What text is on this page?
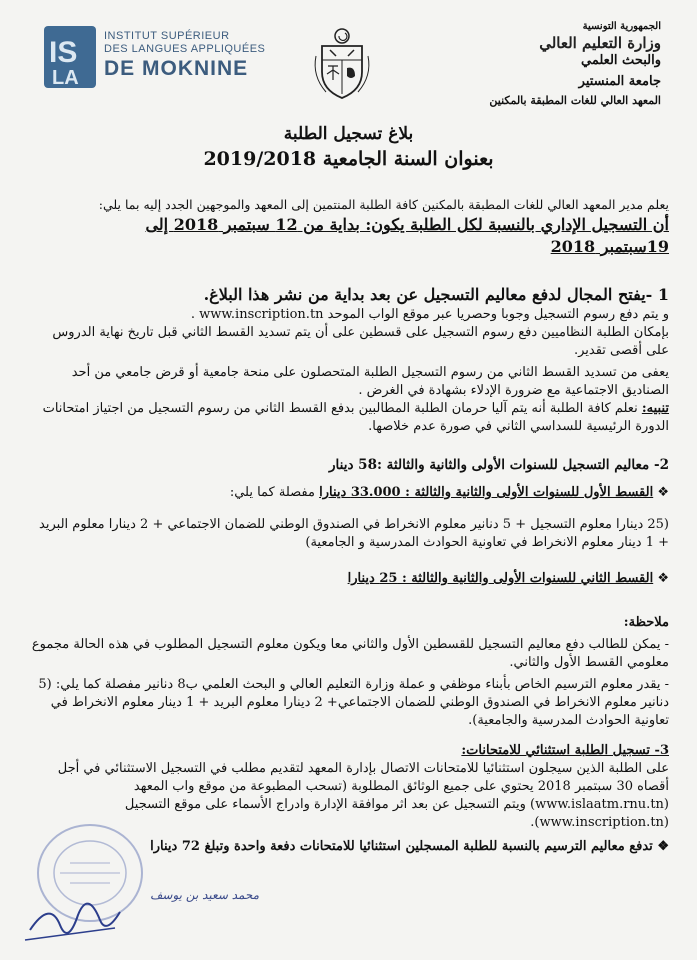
IS
LA
INSTITUT SUPÉRIEUR
DES LANGUES APPLIQUÉES
DE MOKNINE
الجمهورية التونسية
وزارة التعليم العالي
والبحث العلمي
جامعة المنستير
المعهد العالي للغات المطبقة بالمكنين
بلاغ تسجيل الطلبة
بعنوان السنة الجامعية 2019/2018
يعلم مدير المعهد العالي للغات المطبقة بالمكنين كافة الطلبة المنتمين إلى المعهد والموجهين الجدد إليه بما يلي:
أن التسجيل الإداري بالنسبة لكل الطلبة يكون: بداية من 12 سبتمبر 2018 إلى
19سبتمبر 2018
1 -يفتح المجال لدفع معاليم التسجيل عن بعد بداية من نشر هذا البلاغ.
و يتم دفع رسوم التسجيل وجوبا وحصريا عبر موقع الواب الموحد www.inscription.tn .
بإمكان الطلبة النظاميين دفع رسوم التسجيل على قسطين على أن يتم تسديد القسط الثاني قبل تاريخ نهاية الدروس على أقصى تقدير.
يعفى من تسديد القسط الثاني من رسوم التسجيل الطلبة المتحصلون على منحة جامعية أو قرض جامعي من أحد الصناديق الاجتماعية مع ضرورة الإدلاء بشهادة في الغرض .
تنبيه: نعلم كافة الطلبة أنه يتم آليا حرمان الطلبة المطالبين بدفع القسط الثاني من رسوم التسجيل من اجتياز امتحانات الدورة الرئيسية للسداسي الثاني في صورة عدم خلاصها.
2- معاليم التسجيل للسنوات الأولى والثانية والثالثة :58 دينار
❖ القسط الأول للسنوات الأولى والثانية والثالثة : 33.000 دينارا مفصلة كما يلي:
(25 دينارا معلوم التسجيل + 5 دنانير معلوم الانخراط في الصندوق الوطني للضمان الاجتماعي + 2 دينارا معلوم البريد + 1 دينار معلوم الانخراط في تعاونية الحوادث المدرسية و الجامعية)
❖ القسط الثاني للسنوات الأولى والثانية والثالثة : 25 دينارا
ملاحظة:
- يمكن للطالب دفع معاليم التسجيل للقسطين الأول والثاني معا ويكون معلوم التسجيل المطلوب في هذه الحالة مجموع معلومي القسط الأول والثاني.
- يقدر معلوم الترسيم الخاص بأبناء موظفي و عملة وزارة التعليم العالي و البحث العلمي ب8 دنانير مفصلة كما يلي: (5 دنانير معلوم الانخراط في الصندوق الوطني للضمان الاجتماعي+ 2 دينارا معلوم البريد + 1 دينار معلوم الانخراط في تعاونية الحوادث المدرسية والجامعية).
3- تسجيل الطلبة استثنائي للامتحانات:
على الطلبة الذين سيجلون استثنائيا للامتحانات الاتصال بإدارة المعهد لتقديم مطلب في التسجيل الاستثنائي في أجل أقصاه 30 سبتمبر 2018 يحتوي على جميع الوثائق المطلوبة (تسحب المطبوعة من موقع واب المعهد (www.islaatm.rnu.tn) ويتم التسجيل عن بعد اثر موافقة الإدارة وادراج الأسماء على موقع التسجيل (www.inscription.tn).
❖ تدفع معاليم الترسيم بالنسبة للطلبة المسجلين استثنائيا للامتحانات دفعة واحدة وتبلغ 72 دينارا
محمد سعيد بن يوسف
